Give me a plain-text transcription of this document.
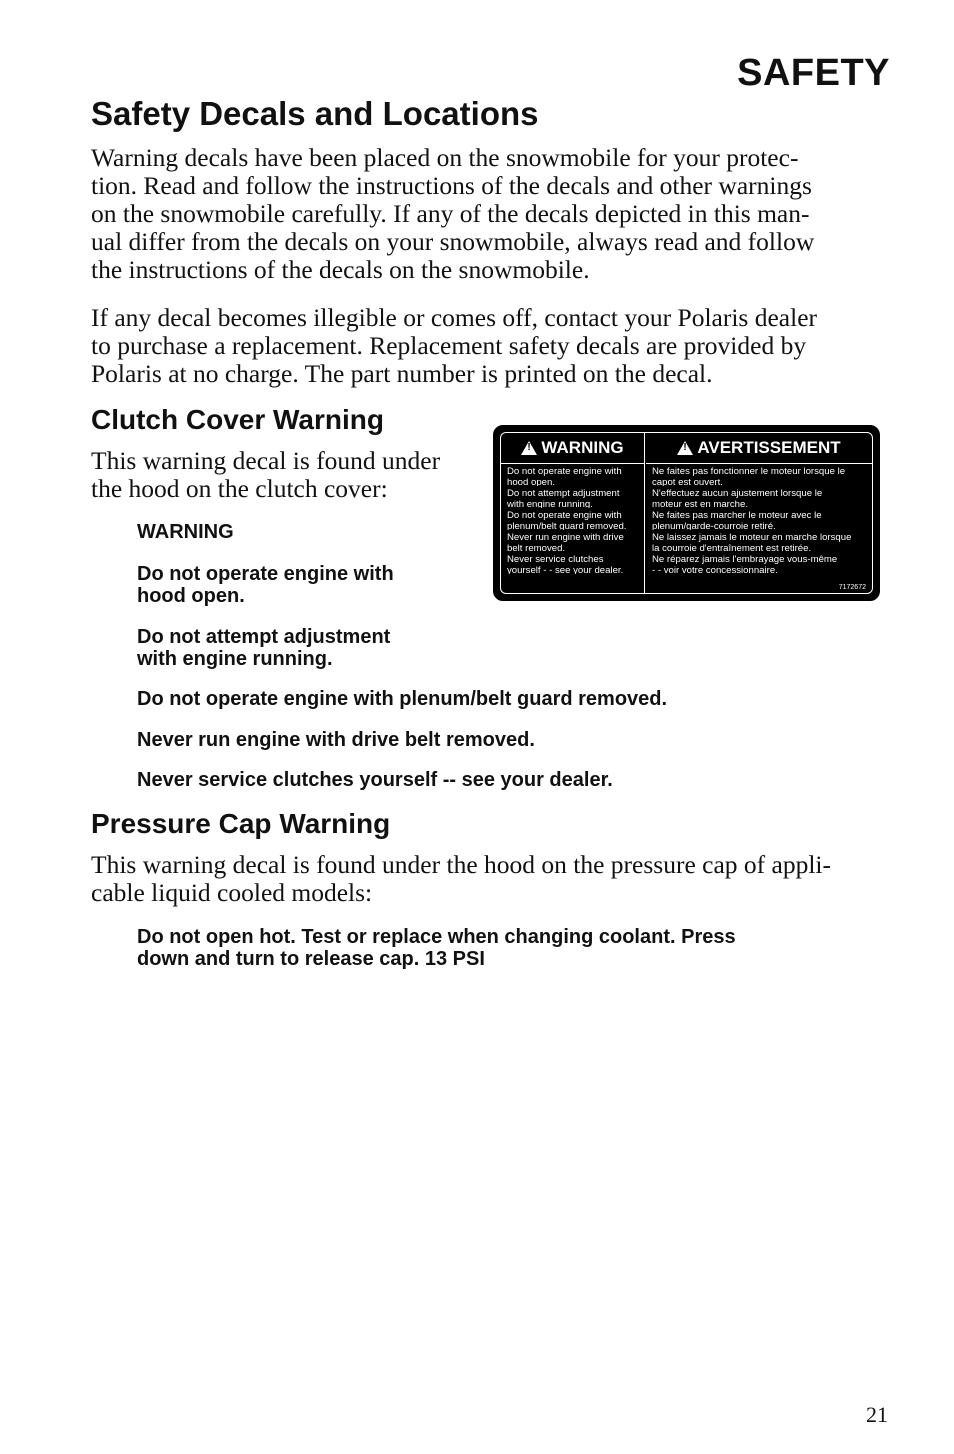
SAFETY
Safety Decals and Locations
Warning decals have been placed on the snowmobile for your protec-
tion. Read and follow the instructions of the decals and other warnings
on the snowmobile carefully. If any of the decals depicted in this man-
ual differ from the decals on your snowmobile, always read and follow
the instructions of the decals on the snowmobile.
If any decal becomes illegible or comes off, contact your Polaris dealer
to purchase a replacement. Replacement safety decals are provided by
Polaris at no charge. The part number is printed on the decal.
Clutch Cover Warning
This warning decal is found under
the hood on the clutch cover:
WARNING
Do not operate engine with
hood open.
Do not attempt adjustment
with engine running.
Do not operate engine with plenum/belt guard removed.
Never run engine with drive belt removed.
Never service clutches yourself -- see your dealer.
!
WARNING
Do not operate engine with
hood open.
Do not attempt adjustment
with engine running.
Do not operate engine with
plenum/belt guard removed.
Never run engine with drive
belt removed.
Never service clutches
yourself - - see your dealer.
!
AVERTISSEMENT
Ne faites pas fonctionner le moteur lorsque le
capot est ouvert.
N'effectuez aucun ajustement lorsque le
moteur est en marche.
Ne faites pas marcher le moteur avec le
plenum/garde-courroie retiré.
Ne laissez jamais le moteur en marche lorsque
la courroie d'entraînement est retirée.
Ne réparez jamais l'embrayage vous-même
- - voir votre concessionnaire.
7172672
Pressure Cap Warning
This warning decal is found under the hood on the pressure cap of appli-
cable liquid cooled models:
Do not open hot. Test or replace when changing coolant. Press
down and turn to release cap. 13 PSI
21
